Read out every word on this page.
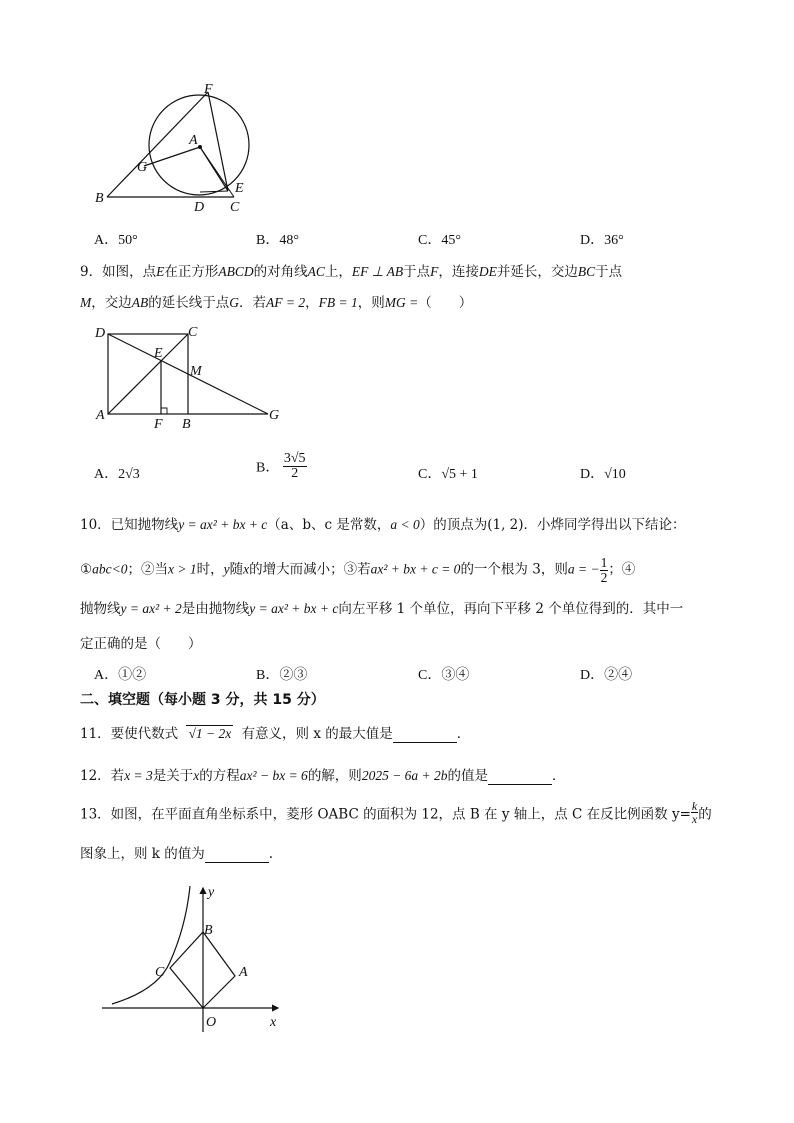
F
A
G
E
B
D C
A．50°	B．48°	C．45°	D．36°
9．如图，点E在正方形ABCD的对角线AC上，EF ⊥ AB于点F，连接DE并延长，交边BC于点
M，交边AB的延长线于点G．若AF = 2，FB = 1，则MG =（　　）
D	C
E
M
A
F B
G
A．2√3	B． $\frac{3√5}{2}$	C．√5 + 1	D．√10
10．已知抛物线y = ax² + bx + c（a、b、c 是常数，a < 0）的顶点为(1, 2)．小烨同学得出以下结论：
①abc<0；②当x > 1时，y随x的增大而减小；③若ax² + bx + c = 0的一个根为 3，则a = − $\frac{1}{2}$ ；④
抛物线y = ax² + 2是由抛物线y = ax² + bx + c向左平移 1 个单位，再向下平移 2 个单位得到的．其中一
定正确的是（　　）
A．①②	B．②③	C．③④	D．②④
二、填空题（每小题 3 分，共 15 分）
11．要使代数式 √1 − 2x 有意义，则 x 的最大值是	．
12．若x = 3是关于x的方程ax² − bx = 6的解，则2025 − 6a + 2b的值是	．
13．如图，在平面直角坐标系中，菱形 OABC 的面积为 12，点 B 在 y 轴上，点 C 在反比例函数 $y= \frac{k}{x}$ 的
图象上，则 k 的值为	.
y
B
C	A
O	x
